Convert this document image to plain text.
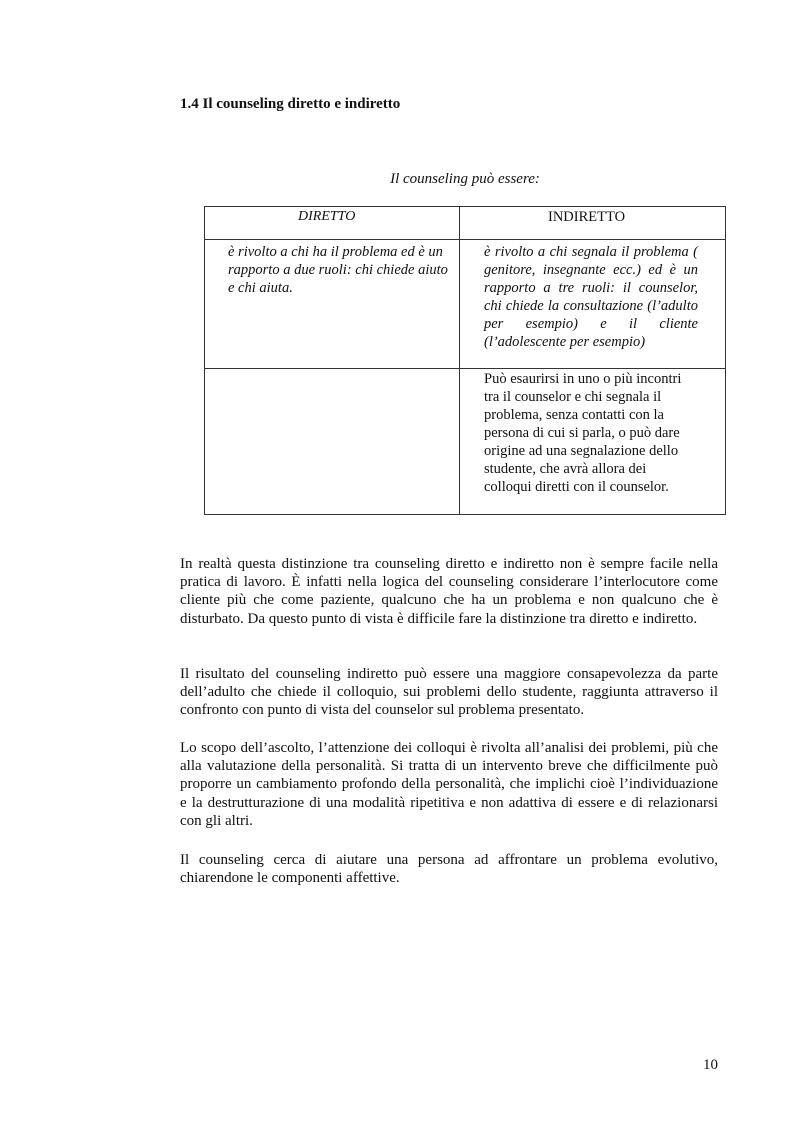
1.4 Il counseling diretto e indiretto
Il counseling può essere:
DIRETTO	INDIRETTO

è rivolto a chi ha il problema ed è un rapporto a due ruoli: chi chiede aiuto e chi aiuta.	è rivolto a chi segnala il problema ( genitore, insegnante ecc.) ed è un rapporto a tre ruoli: il counselor, chi chiede la consultazione (l’adulto per esempio) e il cliente (l’adolescente per esempio)

	Può esaurirsi in uno o più incontri tra il counselor e chi segnala il problema, senza contatti con la persona di cui si parla, o può dare origine ad una segnalazione dello studente, che avrà allora dei colloqui diretti con il counselor.

In realtà questa distinzione tra counseling diretto e indiretto non è sempre facile nella pratica di lavoro. È infatti nella logica del counseling considerare l’interlocutore come cliente più che come paziente, qualcuno che ha un problema e non qualcuno che è disturbato. Da questo punto di vista è difficile fare la distinzione tra diretto e indiretto.

Il risultato del counseling indiretto può essere una maggiore consapevolezza da parte dell’adulto che chiede il colloquio, sui problemi dello studente, raggiunta attraverso il confronto con punto di vista del counselor sul problema presentato.

Lo scopo dell’ascolto, l’attenzione dei colloqui è rivolta all’analisi dei problemi, più che alla valutazione della personalità. Si tratta di un intervento breve che difficilmente può proporre un cambiamento profondo della personalità, che implichi cioè l’individuazione e la destrutturazione di una modalità ripetitiva e non adattiva di essere e di relazionarsi con gli altri.

Il counseling cerca di aiutare una persona ad affrontare un problema evolutivo, chiarendone le componenti affettive.

10
